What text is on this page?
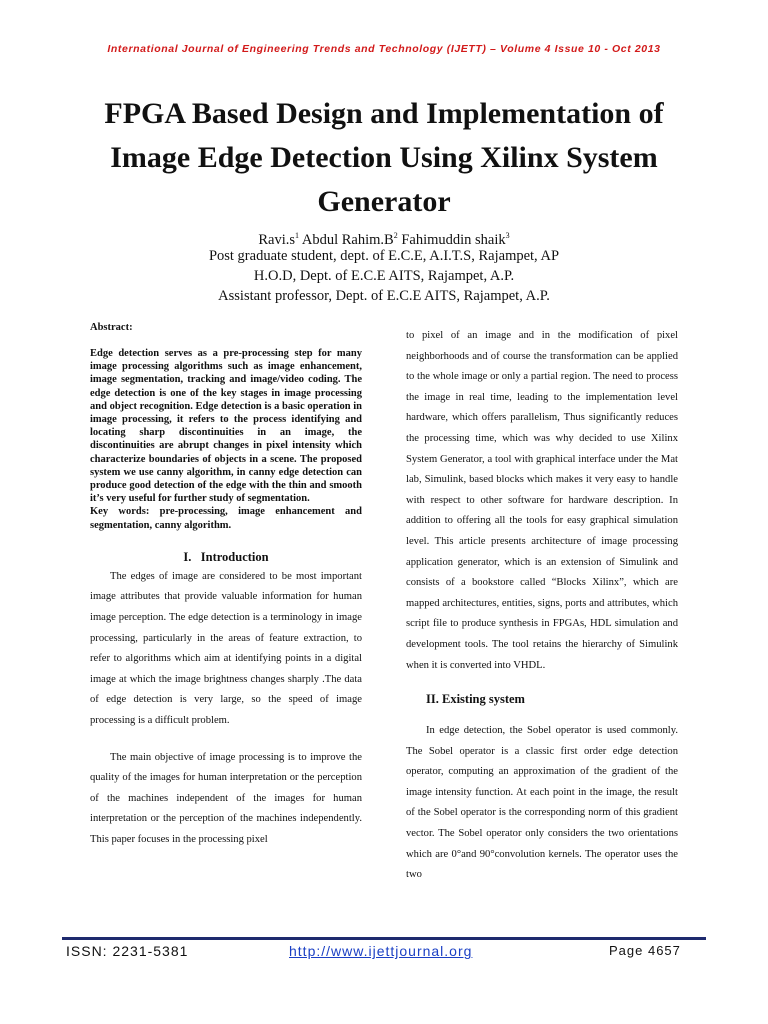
International Journal of Engineering Trends and Technology (IJETT) – Volume 4 Issue 10 - Oct 2013
FPGA Based Design and Implementation of
Image Edge Detection Using Xilinx System
Generator
$Ravi.s^1$ Abdul $Rahim.B^2$ Fahimuddin shaik$^3$
Post graduate student, dept. of E.C.E, A.I.T.S, Rajampet, AP
H.O.D, Dept. of E.C.E AITS, Rajampet, A.P.
Assistant professor, Dept. of E.C.E AITS, Rajampet, A.P.

Abstract:

Edge detection serves as a pre-processing step for many image processing algorithms such as image enhancement, image segmentation, tracking and image/video coding. The edge detection is one of the key stages in image processing and object recognition. Edge detection is a basic operation in image processing, it refers to the process identifying and locating sharp discontinuities in an image, the discontinuities are abrupt changes in pixel intensity which characterize boundaries of objects in a scene. The proposed system we use canny algorithm, in canny edge detection can produce good detection of the edge with the thin and smooth it’s very useful for further study of segmentation.

Key words: pre-processing, image enhancement and segmentation, canny algorithm.

I.   Introduction

The edges of image are considered to be most important image attributes that provide valuable information for human image perception. The edge detection is a terminology in image processing, particularly in the areas of feature extraction, to refer to algorithms which aim at identifying points in a digital image at which the image brightness changes sharply .The data of edge detection is very large, so the speed of image processing is a difficult problem.

The main objective of image processing is to improve the quality of the images for human interpretation or the perception of the machines independent of the images for human interpretation or the perception of the machines independently. This paper focuses in the processing pixel

to pixel of an image and in the modification of pixel neighborhoods and of course the transformation can be applied to the whole image or only a partial region. The need to process the image in real time, leading to the implementation level hardware, which offers parallelism, Thus significantly reduces the processing time, which was why decided to use Xilinx System Generator, a tool with graphical interface under the Mat lab, Simulink, based blocks which makes it very easy to handle with respect to other software for hardware description. In addition to offering all the tools for easy graphical simulation level. This article presents architecture of image processing application generator, which is an extension of Simulink and consists of a bookstore called “Blocks Xilinx”, which are mapped architectures, entities, signs, ports and attributes, which script file to produce synthesis in FPGAs, HDL simulation and development tools. The tool retains the hierarchy of Simulink when it is converted into VHDL.

II. Existing system

In edge detection, the Sobel operator is used commonly. The Sobel operator is a classic first order edge detection operator, computing an approximation of the gradient of the image intensity function. At each point in the image, the result of the Sobel operator is the corresponding norm of this gradient vector. The Sobel operator only considers the two orientations which are 0°and 90°convolution kernels. The operator uses the two

ISSN: 2231-5381	http://www.ijettjournal.org	Page 4657
